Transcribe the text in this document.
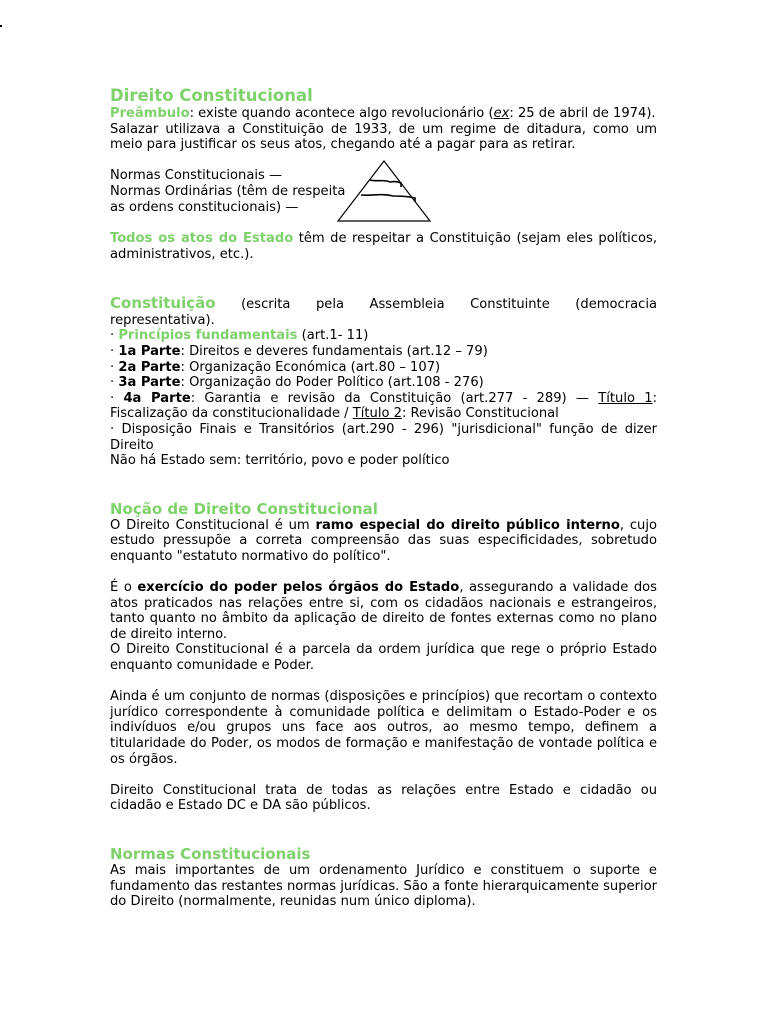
Direito Constitucional

Preâmbulo: existe quando acontece algo revolucionário (ex: 25 de abril de 1974).

Salazar utilizava a Constituição de 1933, de um regime de ditadura, como um meio para justificar os seus atos, chegando até a pagar para as retirar.

Normas Constitucionais —
Normas Ordinárias (têm de respeita
as ordens constitucionais) —

Todos os atos do Estado têm de respeitar a Constituição (sejam eles políticos, administrativos, etc.).

Constituição (escrita pela Assembleia Constituinte (democracia representativa).

· Princípios fundamentais (art.1- 11)

· 1a Parte: Direitos e deveres fundamentais (art.12 – 79)

· 2a Parte: Organização Económica (art.80 – 107)

· 3a Parte: Organização do Poder Político (art.108 - 276)

· 4a Parte: Garantia e revisão da Constituição (art.277 - 289) — Título 1: Fiscalização da constitucionalidade / Título 2: Revisão Constitucional

· Disposição Finais e Transitórios (art.290 - 296) "jurisdicional" função de dizer Direito

Não há Estado sem: território, povo e poder político

Noção de Direito Constitucional

O Direito Constitucional é um ramo especial do direito público interno, cujo estudo pressupõe a correta compreensão das suas especificidades, sobretudo enquanto "estatuto normativo do político".

É o exercício do poder pelos órgãos do Estado, assegurando a validade dos atos praticados nas relações entre si, com os cidadãos nacionais e estrangeiros, tanto quanto no âmbito da aplicação de direito de fontes externas como no plano de direito interno.

O Direito Constitucional é a parcela da ordem jurídica que rege o próprio Estado enquanto comunidade e Poder.

Ainda é um conjunto de normas (disposições e princípios) que recortam o contexto jurídico correspondente à comunidade política e delimitam o Estado-Poder e os indivíduos e/ou grupos uns face aos outros, ao mesmo tempo, definem a titularidade do Poder, os modos de formação e manifestação de vontade política e os órgãos.

Direito Constitucional trata de todas as relações entre Estado e cidadão ou cidadão e Estado DC e DA são públicos.

Normas Constitucionais

As mais importantes de um ordenamento Jurídico e constituem o suporte e fundamento das restantes normas jurídicas. São a fonte hierarquicamente superior do Direito (normalmente, reunidas num único diploma).
